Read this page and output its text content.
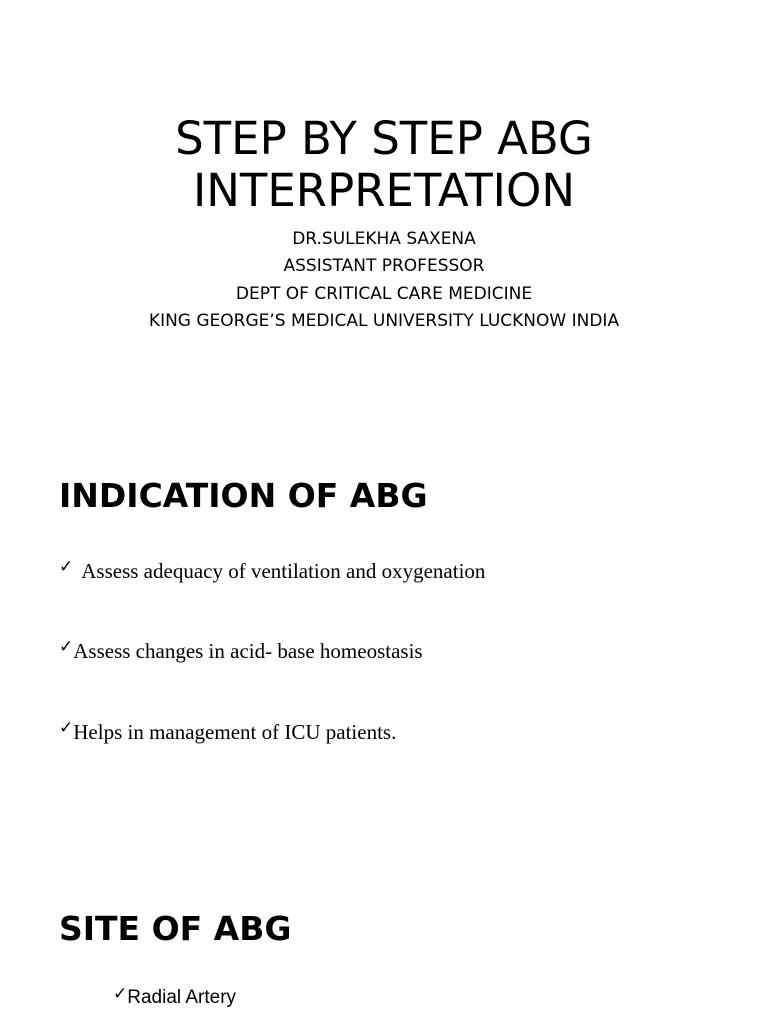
STEP BY STEP ABG
INTERPRETATION

DR.SULEKHA SAXENA

ASSISTANT PROFESSOR

DEPT OF CRITICAL CARE MEDICINE

KING GEORGE’S MEDICAL UNIVERSITY LUCKNOW INDIA

INDICATION OF ABG
✓ Assess adequacy of ventilation and oxygenation
✓ Assess changes in acid- base homeostasis
✓ Helps in management of ICU patients.
SITE OF ABG
✓ Radial Artery
